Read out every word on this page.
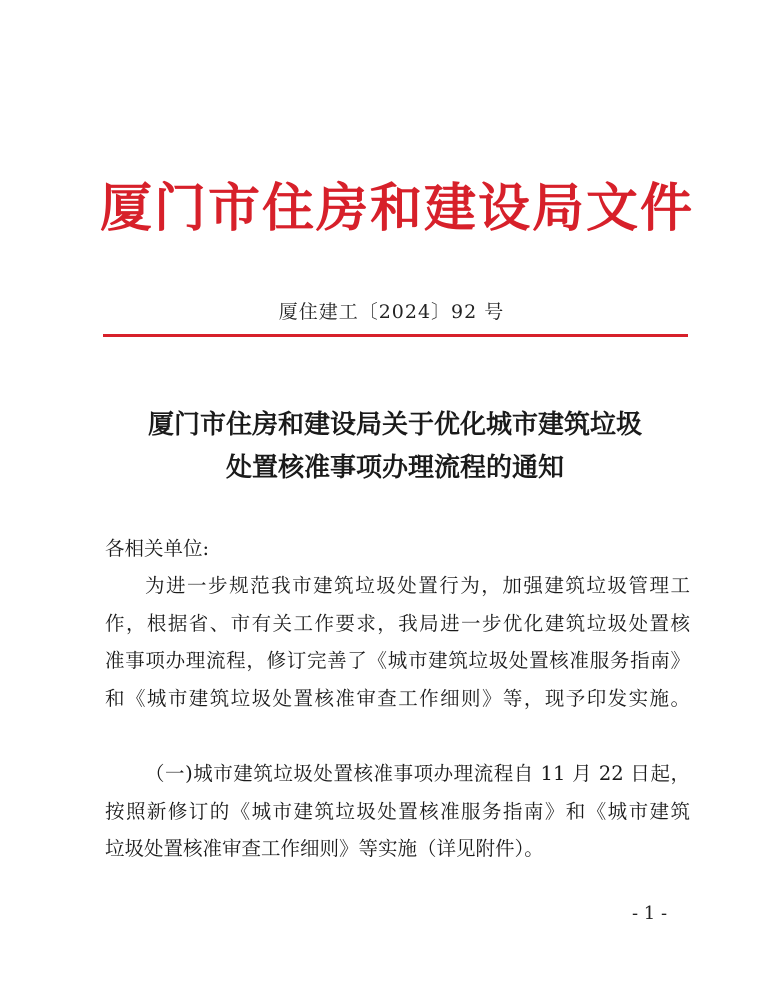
厦门市住房和建设局文件
厦住建工〔2024〕92 号
厦门市住房和建设局关于优化城市建筑垃圾
处置核准事项办理流程的通知
各相关单位:
为进一步规范我市建筑垃圾处置行为，加强建筑垃圾管理工
作，根据省、市有关工作要求，我局进一步优化建筑垃圾处置核
准事项办理流程，修订完善了《城市建筑垃圾处置核准服务指南》
和《城市建筑垃圾处置核准审查工作细则》等，现予印发实施。
（一)城市建筑垃圾处置核准事项办理流程自 11 月 22 日起，
按照新修订的《城市建筑垃圾处置核准服务指南》和《城市建筑
垃圾处置核准审查工作细则》等实施（详见附件）。
- 1 -
